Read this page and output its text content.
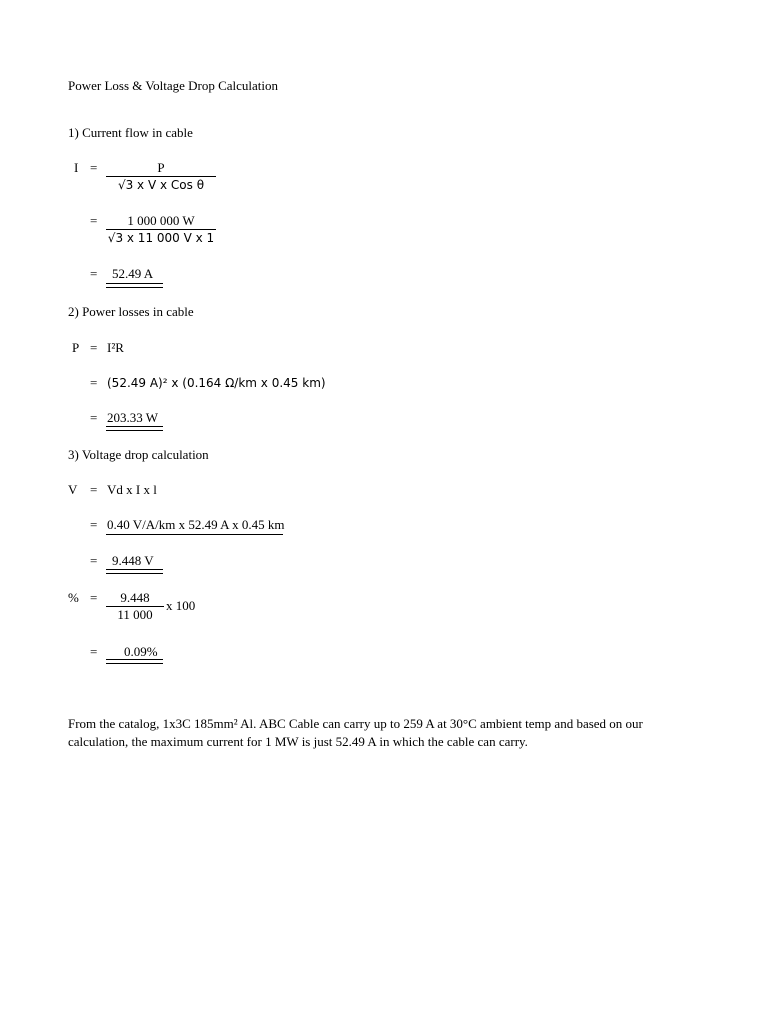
Power Loss & Voltage Drop Calculation
1) Current flow in cable
I =	P
√3 x V x Cos θ
=	1 000 000 W
√3 x 11 000 V x 1
= 52.49 A
2) Power losses in cable
P = I²R
= (52.49 A)² x (0.164 Ω/km x 0.45 km)
= 203.33 W
3) Voltage drop calculation
V = Vd x I x l
= 0.40 V/A/km x 52.49 A x 0.45 km
= 9.448 V
% =	9.448
11 000
x 100
= 0.09%
From the catalog, 1x3C 185mm² Al. ABC Cable can carry up to 259 A at 30°C ambient temp and based on our calculation, the maximum current for 1 MW is just 52.49 A in which the cable can carry.
